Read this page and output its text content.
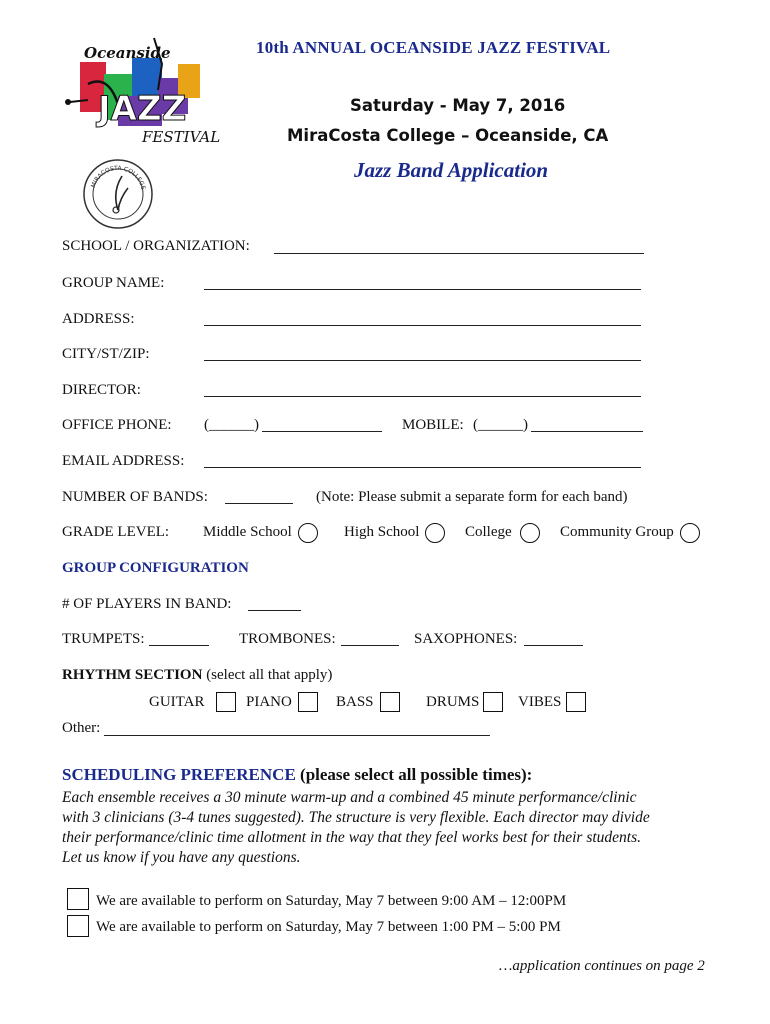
Oceanside
JAZZ
FESTIVAL
MIRACOSTA COLLEGE
10th ANNUAL OCEANSIDE JAZZ FESTIVAL
Saturday - May 7, 2016
MiraCosta College – Oceanside, CA
Jazz Band Application
SCHOOL / ORGANIZATION:
GROUP NAME:
ADDRESS:
CITY/ST/ZIP:
DIRECTOR:
OFFICE PHONE: (______)	MOBILE: (______)
EMAIL ADDRESS:
NUMBER OF BANDS:	(Note: Please submit a separate form for each band)
GRADE LEVEL: Middle School	High School	College	Community Group
GROUP CONFIGURATION
# OF PLAYERS IN BAND:
TRUMPETS:	TROMBONES:	SAXOPHONES:
RHYTHM SECTION (select all that apply)
GUITAR	PIANO	BASS	DRUMS	VIBES
Other:
SCHEDULING PREFERENCE (please select all possible times):
Each ensemble receives a 30 minute warm-up and a combined 45 minute performance/clinic
with 3 clinicians (3-4 tunes suggested). The structure is very flexible. Each director may divide
their performance/clinic time allotment in the way that they feel works best for their students.
Let us know if you have any questions.
We are available to perform on Saturday, May 7 between 9:00 AM – 12:00PM
We are available to perform on Saturday, May 7 between 1:00 PM – 5:00 PM
…application continues on page 2
